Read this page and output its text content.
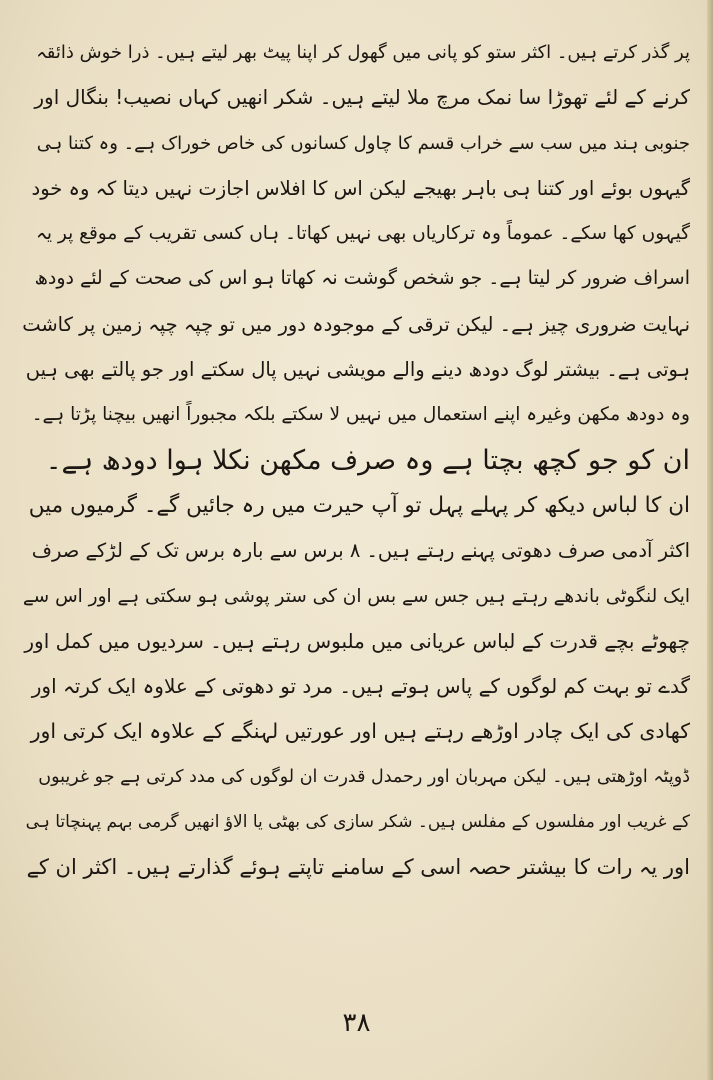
پر گذر کرتے ہیں۔ اکثر ستو کو پانی میں گھول کر اپنا پیٹ بھر لیتے ہیں۔ ذرا خوش ذائقہ
کرنے کے لئے تھوڑا سا نمک مرچ ملا لیتے ہیں۔ شکر انھیں کہاں نصیب! بنگال اور
جنوبی ہند میں سب سے خراب قسم کا چاول کسانوں کی خاص خوراک ہے۔ وہ کتنا ہی
گیہوں بوئے اور کتنا ہی باہر بھیجے لیکن اس کا افلاس اجازت نہیں دیتا کہ وہ خود
گیہوں کھا سکے۔ عموماً وہ ترکاریاں بھی نہیں کھاتا۔ ہاں کسی تقریب کے موقع پر یہ
اسراف ضرور کر لیتا ہے۔ جو شخص گوشت نہ کھاتا ہو اس کی صحت کے لئے دودھ
نہایت ضروری چیز ہے۔ لیکن ترقی کے موجودہ دور میں تو چپہ چپہ زمین پر کاشت
ہوتی ہے۔ بیشتر لوگ دودھ دینے والے مویشی نہیں پال سکتے اور جو پالتے بھی ہیں
وہ دودھ مکھن وغیرہ اپنے استعمال میں نہیں لا سکتے بلکہ مجبوراً انھیں بیچنا پڑتا ہے۔
ان کو جو کچھ بچتا ہے وہ صرف مکھن نکلا ہوا دودھ ہے۔
ان کا لباس دیکھ کر پہلے پہل تو آپ حیرت میں رہ جائیں گے۔ گرمیوں میں
اکثر آدمی صرف دھوتی پہنے رہتے ہیں۔ ۸ برس سے بارہ برس تک کے لڑکے صرف
ایک لنگوٹی باندھے رہتے ہیں جس سے بس ان کی ستر پوشی ہو سکتی ہے اور اس سے
چھوٹے بچے قدرت کے لباس عریانی میں ملبوس رہتے ہیں۔ سردیوں میں کمل اور
گدے تو بہت کم لوگوں کے پاس ہوتے ہیں۔ مرد تو دھوتی کے علاوہ ایک کرتہ اور
کھادی کی ایک چادر اوڑھے رہتے ہیں اور عورتیں لہنگے کے علاوہ ایک کرتی اور
ڈوپٹہ اوڑھتی ہیں۔ لیکن مہربان اور رحمدل قدرت ان لوگوں کی مدد کرتی ہے جو غریبوں
کے غریب اور مفلسوں کے مفلس ہیں۔ شکر سازی کی بھٹی یا الاؤ انھیں گرمی بہم پہنچاتا ہی
اور یہ رات کا بیشتر حصہ اسی کے سامنے تاپتے ہوئے گذارتے ہیں۔ اکثر ان کے
۳۸
